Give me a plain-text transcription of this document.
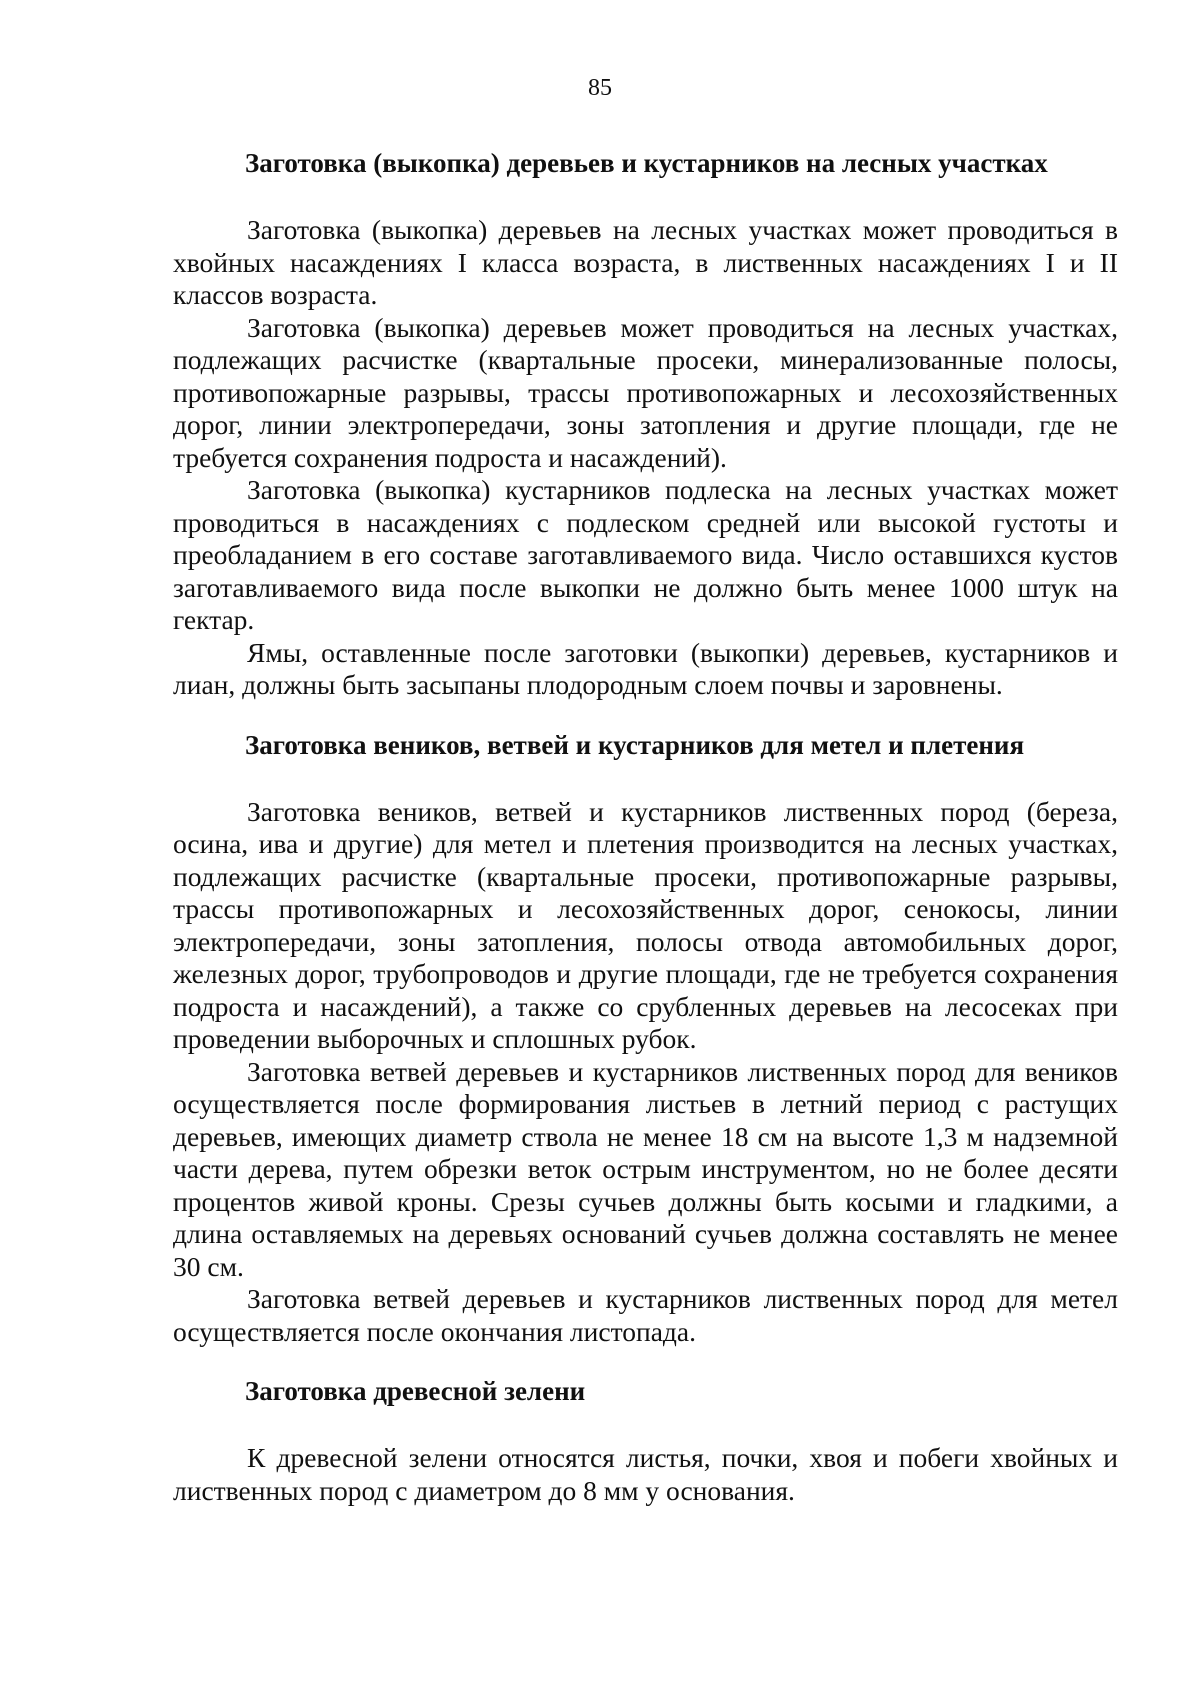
85
Заготовка (выкопка) деревьев и кустарников на лесных участках

Заготовка (выкопка) деревьев на лесных участках может проводиться в хвойных насаждениях I класса возраста, в лиственных насаждениях I и II классов возраста.

Заготовка (выкопка) деревьев может проводиться на лесных участках, подлежащих расчистке (квартальные просеки, минерализованные полосы, противопожарные разрывы, трассы противопожарных и лесохозяйственных дорог, линии электропередачи, зоны затопления и другие площади, где не требуется сохранения подроста и насаждений).

Заготовка (выкопка) кустарников подлеска на лесных участках может проводиться в насаждениях с подлеском средней или высокой густоты и преобладанием в его составе заготавливаемого вида. Число оставшихся кустов заготавливаемого вида после выкопки не должно быть менее 1000 штук на гектар.

Ямы, оставленные после заготовки (выкопки) деревьев, кустарников и лиан, должны быть засыпаны плодородным слоем почвы и заровнены.

Заготовка веников, ветвей и кустарников для метел и плетения

Заготовка веников, ветвей и кустарников лиственных пород (береза, осина, ива и другие) для метел и плетения производится на лесных участках, подлежащих расчистке (квартальные просеки, противопожарные разрывы, трассы противопожарных и лесохозяйственных дорог, сенокосы, линии электропередачи, зоны затопления, полосы отвода автомобильных дорог, железных дорог, трубопроводов и другие площади, где не требуется сохранения подроста и насаждений), а также со срубленных деревьев на лесосеках при проведении выборочных и сплошных рубок.

Заготовка ветвей деревьев и кустарников лиственных пород для веников осуществляется после формирования листьев в летний период с растущих деревьев, имеющих диаметр ствола не менее 18 см на высоте 1,3 м надземной части дерева, путем обрезки веток острым инструментом, но не более десяти процентов живой кроны. Срезы сучьев должны быть косыми и гладкими, а длина оставляемых на деревьях оснований сучьев должна составлять не менее 30 см.

Заготовка ветвей деревьев и кустарников лиственных пород для метел осуществляется после окончания листопада.

Заготовка древесной зелени

К древесной зелени относятся листья, почки, хвоя и побеги хвойных и лиственных пород с диаметром до 8 мм у основания.
